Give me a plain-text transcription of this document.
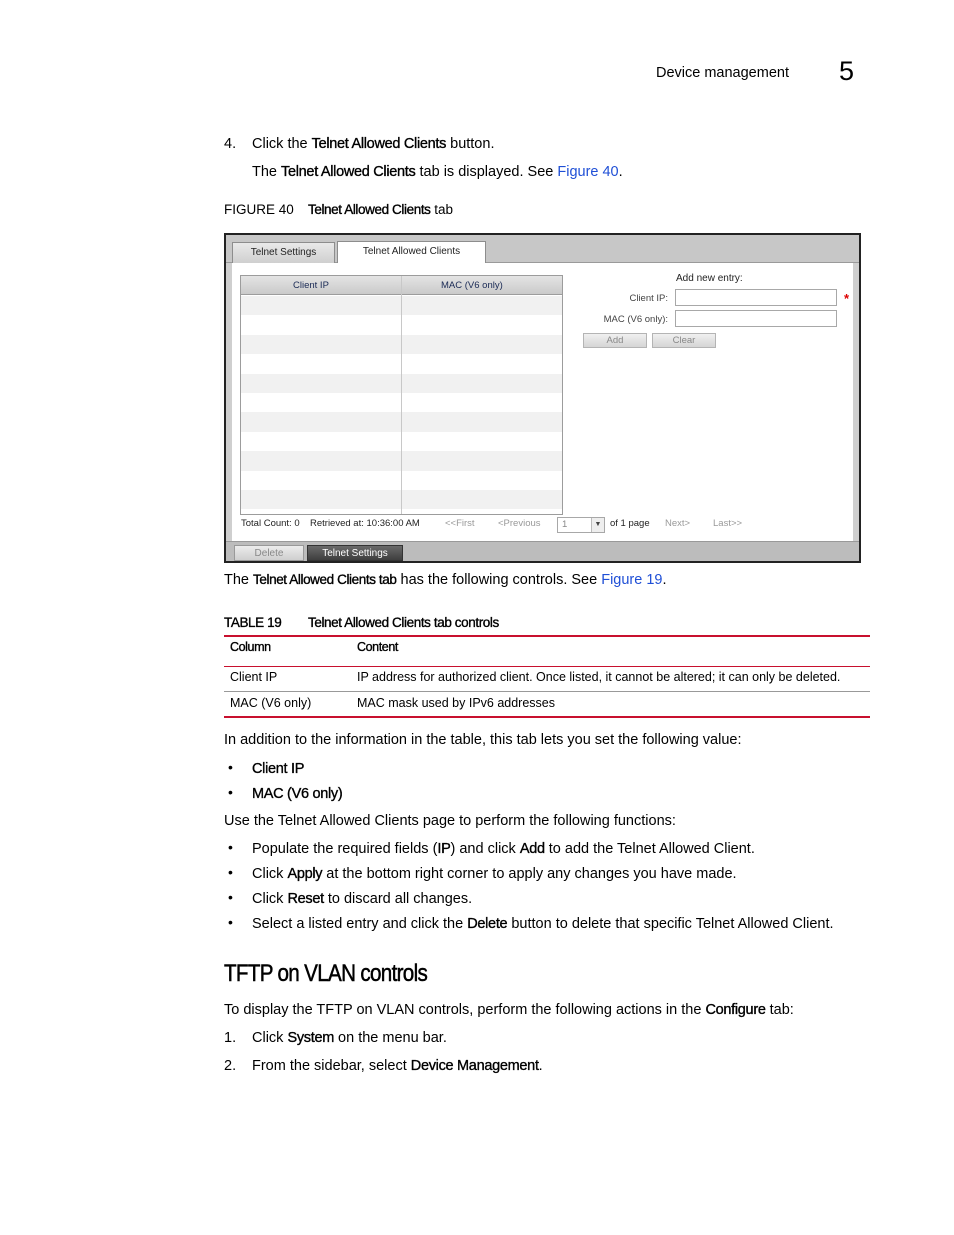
Device management 5
4. Click the Telnet Allowed Clients button.
The Telnet Allowed Clients tab is displayed. See Figure 40.
FIGURE 40 Telnet Allowed Clients tab
Telnet Settings	Telnet Allowed Clients
Client IP	MAC (V6 only)
Add new entry:
Client IP:	*
MAC (V6 only):
Add	Clear
Total Count: 0 Retrieved at: 10:36:00 AM	<<First <Previous	1	▼ of 1 page Next> Last>>
Delete	Telnet Settings
The Telnet Allowed Clients tab has the following controls. See Figure 19.
TABLE 19 Telnet Allowed Clients tab controls
Column	Content
Client IP	IP address for authorized client. Once listed, it cannot be altered; it can only be deleted.
MAC (V6 only)	MAC mask used by IPv6 addresses
In addition to the information in the table, this tab lets you set the following value:
• Client IP
• MAC (V6 only)
Use the Telnet Allowed Clients page to perform the following functions:
• Populate the required fields (IP) and click Add to add the Telnet Allowed Client.
• Click Apply at the bottom right corner to apply any changes you have made.
• Click Reset to discard all changes.
• Select a listed entry and click the Delete button to delete that specific Telnet Allowed Client.
TFTP on VLAN controls
To display the TFTP on VLAN controls, perform the following actions in the Configure tab:
1. Click System on the menu bar.
2. From the sidebar, select Device Management.
